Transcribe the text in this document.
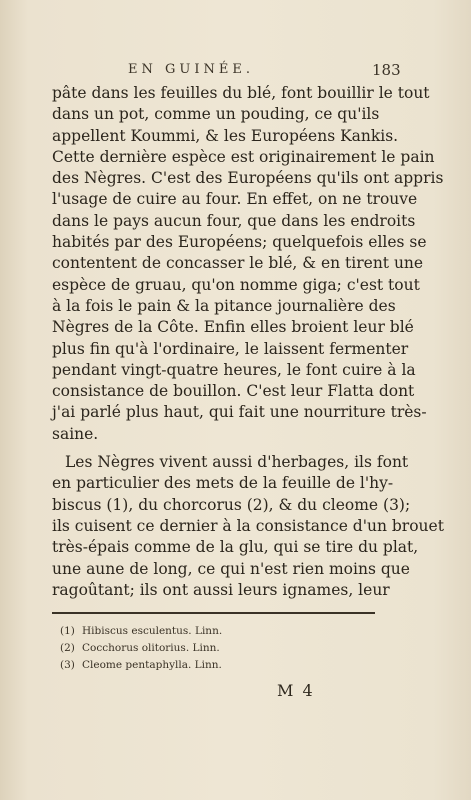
EN GUINÉE.	183
pâte dans les feuilles du blé, font bouillir le tout
dans un pot, comme un pouding, ce qu'ils
appellent Koummi, & les Européens Kankis.
Cette dernière espèce est originairement le pain
des Nègres. C'est des Européens qu'ils ont appris
l'usage de cuire au four. En effet, on ne trouve
dans le pays aucun four, que dans les endroits
habités par des Européens; quelquefois elles se
contentent de concasser le blé, & en tirent une
espèce de gruau, qu'on nomme giga; c'est tout
à la fois le pain & la pitance journalière des
Nègres de la Côte. Enfin elles broient leur blé
plus fin qu'à l'ordinaire, le laissent fermenter
pendant vingt-quatre heures, le font cuire à la
consistance de bouillon. C'est leur Flatta dont
j'ai parlé plus haut, qui fait une nourriture très-
saine.
Les Nègres vivent aussi d'herbages, ils font
en particulier des mets de la feuille de l'hy-
biscus (1), du chorcorus (2), & du cleome (3);
ils cuisent ce dernier à la consistance d'un brouet
très-épais comme de la glu, qui se tire du plat,
une aune de long, ce qui n'est rien moins que
ragoûtant; ils ont aussi leurs ignames, leur
(1) Hibiscus esculentus. Linn.
(2) Cocchorus olitorius. Linn.
(3) Cleome pentaphylla. Linn.
M 4
